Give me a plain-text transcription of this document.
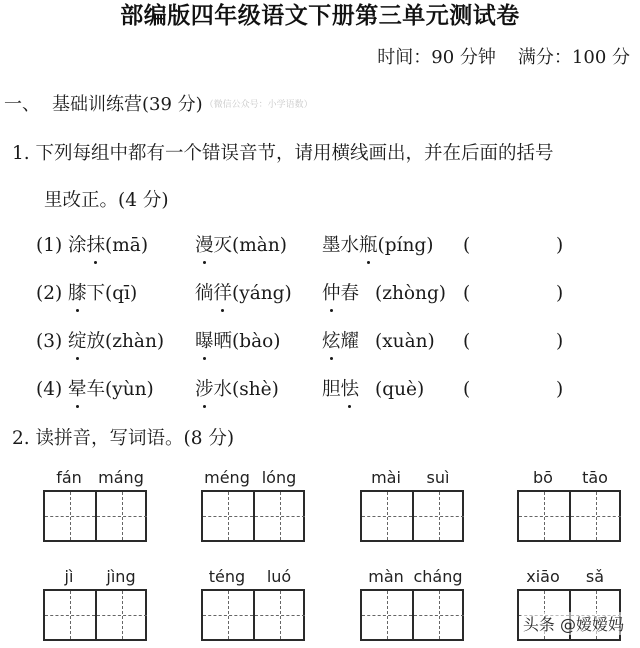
部编版四年级语文下册第三单元测试卷
时间：90 分钟 满分：100 分
一、 基础训练营(39 分) （微信公众号：小学语数）
1. 下列每组中都有一个错误音节，请用横线画出，并在后面的括号
里改正。(4 分)
(1) 涂抹(mā)	漫灭(màn) 墨水瓶(píng) (	)
(2) 膝下(qī)	徜徉(yáng) 仲春 (zhòng) (	)
(3) 绽放(zhàn) 曝晒(bào) 炫耀 (xuàn) (	)
(4) 晕车(yùn) 涉水(shè) 胆怯 (què) (	)
2. 读拼音，写词语。(8 分)
fán	máng	méng lóng	mài	suì	bō	tāo
jì	jìng	téng	luó	màn cháng	xiāo	sǎ
头条 @嫒嫒妈
